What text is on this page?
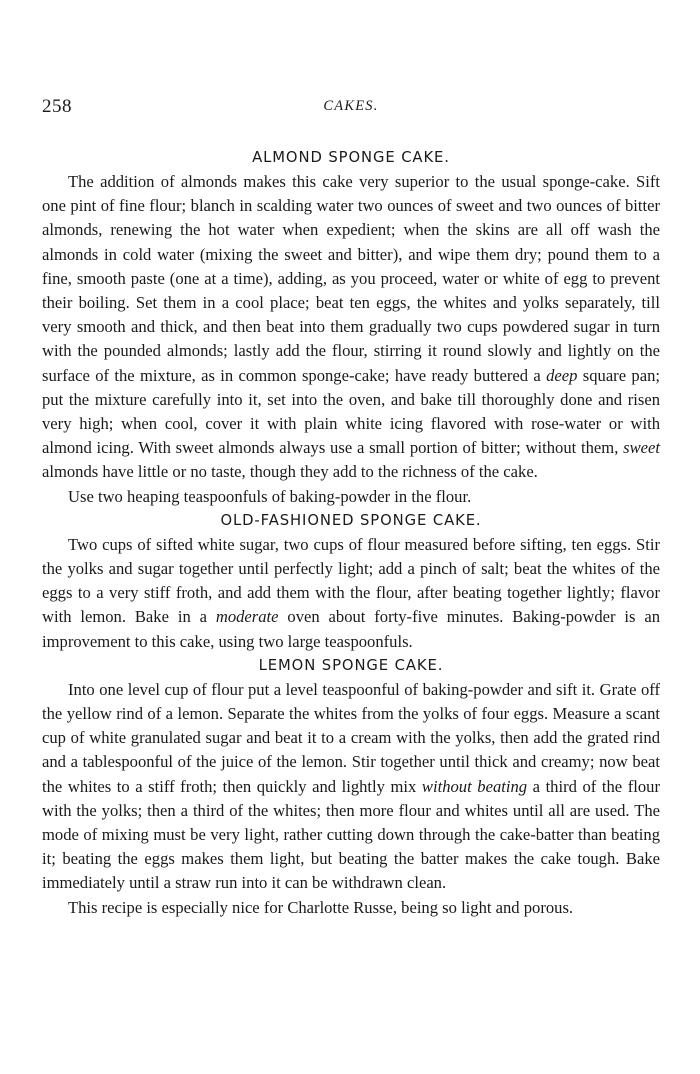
258	CAKES.
ALMOND SPONGE CAKE.

The addition of almonds makes this cake very superior to the usual sponge-cake. Sift one pint of fine flour; blanch in scalding water two ounces of sweet and two ounces of bitter almonds, renewing the hot water when expedient; when the skins are all off wash the almonds in cold water (mixing the sweet and bitter), and wipe them dry; pound them to a fine, smooth paste (one at a time), adding, as you proceed, water or white of egg to prevent their boiling. Set them in a cool place; beat ten eggs, the whites and yolks separately, till very smooth and thick, and then beat into them gradually two cups powdered sugar in turn with the pounded almonds; lastly add the flour, stirring it round slowly and lightly on the surface of the mixture, as in common sponge-cake; have ready buttered a deep square pan; put the mixture carefully into it, set into the oven, and bake till thoroughly done and risen very high; when cool, cover it with plain white icing flavored with rose-water or with almond icing. With sweet almonds always use a small portion of bitter; without them, sweet almonds have little or no taste, though they add to the richness of the cake.

Use two heaping teaspoonfuls of baking-powder in the flour.

OLD-FASHIONED SPONGE CAKE.

Two cups of sifted white sugar, two cups of flour measured before sifting, ten eggs. Stir the yolks and sugar together until perfectly light; add a pinch of salt; beat the whites of the eggs to a very stiff froth, and add them with the flour, after beating together lightly; flavor with lemon. Bake in a moderate oven about forty-five minutes. Baking-powder is an improvement to this cake, using two large teaspoonfuls.

LEMON SPONGE CAKE.

Into one level cup of flour put a level teaspoonful of baking-powder and sift it. Grate off the yellow rind of a lemon. Separate the whites from the yolks of four eggs. Measure a scant cup of white granulated sugar and beat it to a cream with the yolks, then add the grated rind and a tablespoonful of the juice of the lemon. Stir together until thick and creamy; now beat the whites to a stiff froth; then quickly and lightly mix without beating a third of the flour with the yolks; then a third of the whites; then more flour and whites until all are used. The mode of mixing must be very light, rather cutting down through the cake-batter than beating it; beating the eggs makes them light, but beating the batter makes the cake tough. Bake immediately until a straw run into it can be withdrawn clean.

This recipe is especially nice for Charlotte Russe, being so light and porous.
